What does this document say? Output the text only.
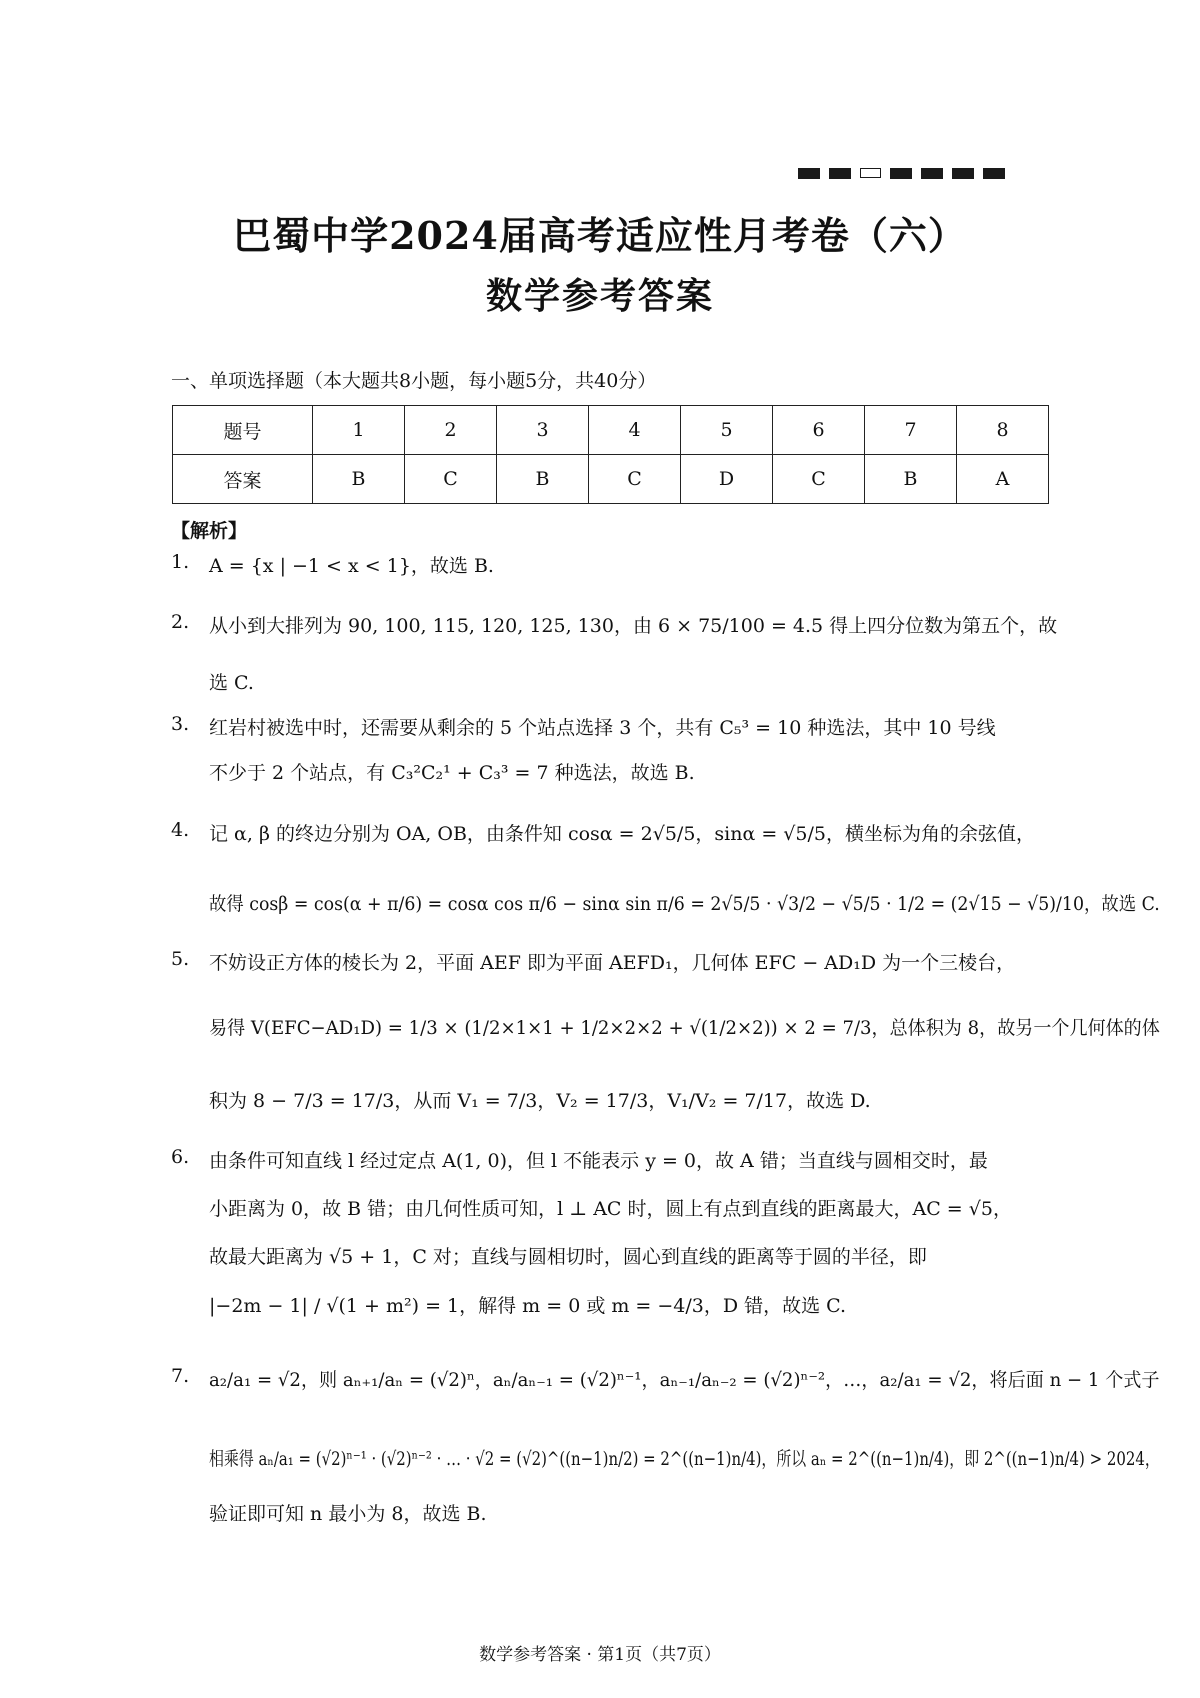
巴蜀中学2024届高考适应性月考卷（六）
数学参考答案
一、单项选择题（本大题共8小题，每小题5分，共40分）
题号	1	2	3	4	5	6	7	8
答案	B	C	B	C	D	C	B	A
【解析】
1. A = {x | −1 < x < 1}，故选 B.
2. 从小到大排列为 90, 100, 115, 120, 125, 130，由 6 × 75/100 = 4.5 得上四分位数为第五个，故
选 C.
3. 红岩村被选中时，还需要从剩余的 5 个站点选择 3 个，共有 C₅³ = 10 种选法，其中 10 号线
不少于 2 个站点，有 C₃²C₂¹ + C₃³ = 7 种选法，故选 B.
4. 记 α, β 的终边分别为 OA, OB，由条件知 cosα = 2√5/5，sinα = √5/5，横坐标为角的余弦值，
故得 cosβ = cos(α + π/6) = cosα cos π/6 − sinα sin π/6 = 2√5/5 · √3/2 − √5/5 · 1/2 = (2√15 − √5)/10，故选 C.
5. 不妨设正方体的棱长为 2，平面 AEF 即为平面 AEFD₁，几何体 EFC − AD₁D 为一个三棱台，
易得 V(EFC−AD₁D) = 1/3 × (1/2×1×1 + 1/2×2×2 + √(1/2×2)) × 2 = 7/3，总体积为 8，故另一个几何体的体
积为 8 − 7/3 = 17/3，从而 V₁ = 7/3，V₂ = 17/3，V₁/V₂ = 7/17，故选 D.
6. 由条件可知直线 l 经过定点 A(1, 0)，但 l 不能表示 y = 0，故 A 错；当直线与圆相交时，最
小距离为 0，故 B 错；由几何性质可知，l ⊥ AC 时，圆上有点到直线的距离最大，AC = √5，
故最大距离为 √5 + 1，C 对；直线与圆相切时，圆心到直线的距离等于圆的半径，即
|−2m − 1| / √(1 + m²) = 1，解得 m = 0 或 m = −4/3，D 错，故选 C.
7. a₂/a₁ = √2，则 aₙ₊₁/aₙ = (√2)ⁿ，aₙ/aₙ₋₁ = (√2)ⁿ⁻¹，aₙ₋₁/aₙ₋₂ = (√2)ⁿ⁻²，…，a₂/a₁ = √2，将后面 n − 1 个式子
相乘得 aₙ/a₁ = (√2)ⁿ⁻¹ · (√2)ⁿ⁻² · … · √2 = (√2)^((n−1)n/2) = 2^((n−1)n/4)，所以 aₙ = 2^((n−1)n/4)，即 2^((n−1)n/4) > 2024，
验证即可知 n 最小为 8，故选 B.
数学参考答案 · 第1页（共7页）
